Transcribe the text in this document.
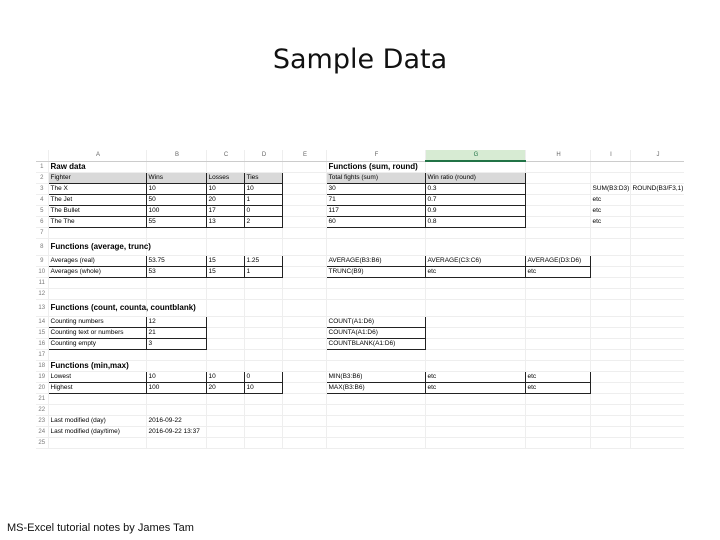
Sample Data
	A	B	C	D	E	F	G	H	I	J
1	Raw data					Functions (sum, round)				
2	Fighter	Wins	Losses	Ties		Total fights (sum)	Win ratio (round)			
3	The X	10	10	10		30	0.3		SUM(B3:D3)	ROUND(B3/F3,1)
4	The Jet	50	20	1		71	0.7		etc	
5	The Bullet	100	17	0		117	0.9		etc	
6	The The	55	13	2		60	0.8		etc	
7										
8	Functions (average, trunc)									
9	Averages (real)	53.75	15	1.25		AVERAGE(B3:B6)	AVERAGE(C3:C6)	AVERAGE(D3:D6)		
10	Averages (whole)	53	15	1		TRUNC(B9)	etc	etc		
11										
12										
13	Functions (count, counta, countblank)									
14	Counting numbers	12				COUNT(A1:D6)				
15	Counting text or numbers	21				COUNTA(A1:D6)				
16	Counting empty	3				COUNTBLANK(A1:D6)				
17										
18	Functions (min,max)									
19	Lowest	10	10	0		MIN(B3:B6)	etc	etc		
20	Highest	100	20	10		MAX(B3:B6)	etc	etc		
21										
22										
23	Last modified (day)	2016-09-22								
24	Last modified (day/time)	2016-09-22 13:37								
25										
MS-Excel tutorial notes by James Tam
